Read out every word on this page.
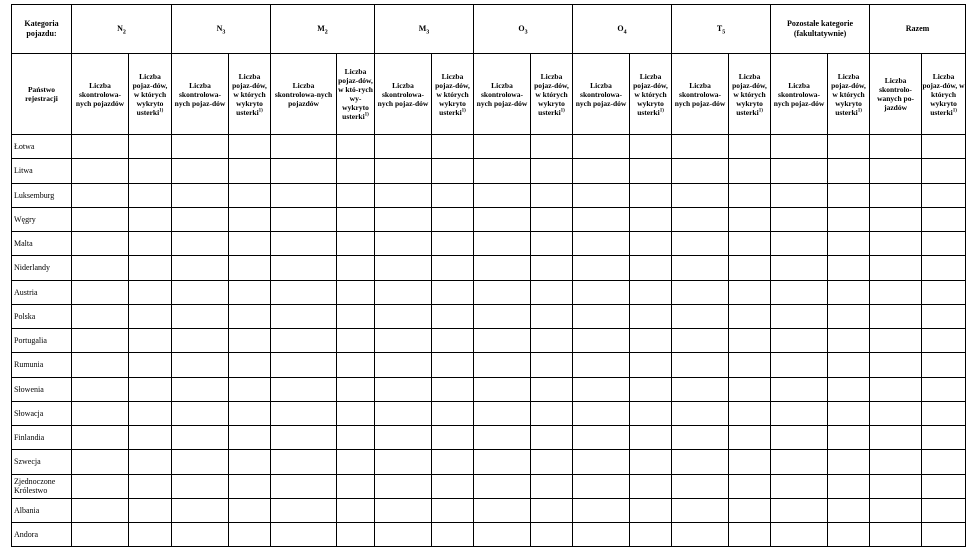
Kategoria pojazdu:	$N_2$		$N_3$		$M_2$		$M_3$		$O_3$		$O_4$		$T_5$		Pozostałe kategorie (fakultatywnie)		Razem	
Państwo rejestracji	Liczba skontrolowa-nych pojazdów	Liczba pojaz-dów, w których wykryto usterki$^{1)}$	Liczba skontrolowa-nych pojaz-dów	Liczba pojaz-dów, w których wykryto usterki$^{1)}$	Liczba skontrolowa-nych pojazdów	Liczba pojaz-dów, w któ-rych wy-wykryto usterki$^{1)}$	Liczba skontrolowa-nych pojaz-dów	Liczba pojaz-dów, w których wykryto usterki$^{1)}$	Liczba skontrolowa-nych pojaz-dów	Liczba pojaz-dów, w których wykryto usterki$^{1)}$	Liczba skontrolowa-nych pojaz-dów	Liczba pojaz-dów, w których wykryto usterki$^{1)}$	Liczba skontrolowa-nych pojaz-dów	Liczba pojaz-dów, w których wykryto usterki$^{1)}$	Liczba skontrolowa-nych pojaz-dów	Liczba pojaz-dów, w których wykryto usterki$^{1)}$	Liczba skontrolo-wanych po-jazdów	Liczba pojaz-dów, w których wykryto usterki$^{1)}$
Łotwa																		
Litwa																		
Luksemburg																		
Węgry																		
Malta																		
Niderlandy																		
Austria																		
Polska																		
Portugalia																		
Rumunia																		
Słowenia																		
Słowacja																		
Finlandia																		
Szwecja																		
Zjednoczone Królestwo																		
Albania																		
Andora																		
